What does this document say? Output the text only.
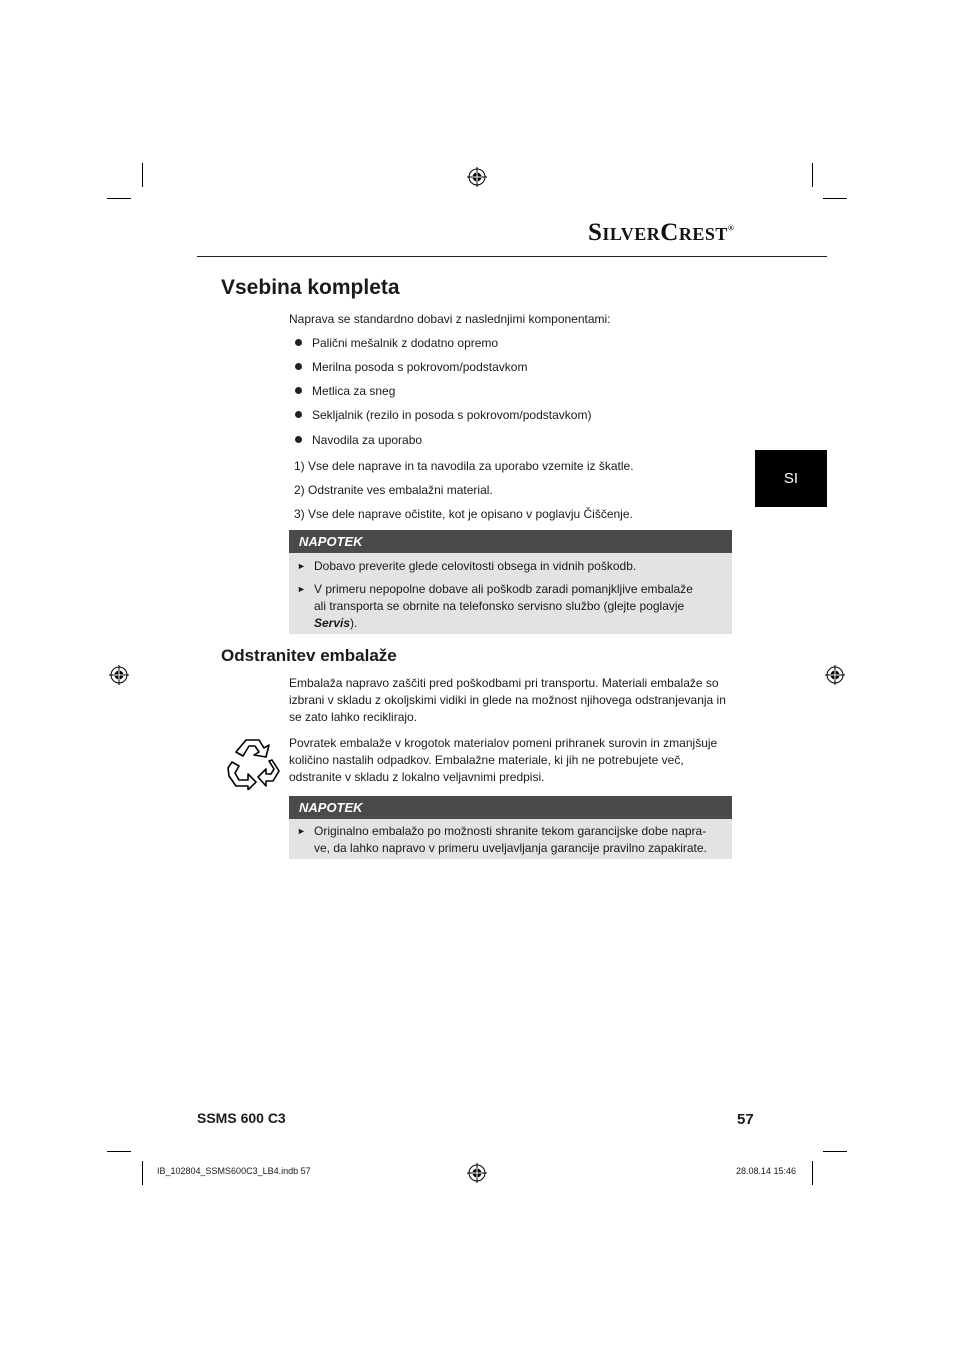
SilverCrest®
Vsebina kompleta
Naprava se standardno dobavi z naslednjimi komponentami:
Palični mešalnik z dodatno opremo
Merilna posoda s pokrovom/podstavkom
Metlica za sneg
Sekljalnik (rezilo in posoda s pokrovom/podstavkom)
Navodila za uporabo
1) Vse dele naprave in ta navodila za uporabo vzemite iz škatle.
2) Odstranite ves embalažni material.
3) Vse dele naprave očistite, kot je opisano v poglavju Čiščenje.
NAPOTEK
► Dobavo preverite glede celovitosti obsega in vidnih poškodb.
► V primeru nepopolne dobave ali poškodb zaradi pomanjkljive embalaže
ali transporta se obrnite na telefonsko servisno službo (glejte poglavje
Servis).
Odstranitev embalaže
Embalaža napravo zaščiti pred poškodbami pri transportu. Materiali embalaže so
izbrani v skladu z okoljskimi vidiki in glede na možnost njihovega odstranjevanja in
se zato lahko reciklirajo.
Povratek embalaže v krogotok materialov pomeni prihranek surovin in zmanjšuje
količino nastalih odpadkov. Embalažne materiale, ki jih ne potrebujete več,
odstranite v skladu z lokalno veljavnimi predpisi.
NAPOTEK
► Originalno embalažo po možnosti shranite tekom garancijske dobe napra-
ve, da lahko napravo v primeru uveljavljanja garancije pravilno zapakirate.
SI
SSMS 600 C3	57
IB_102804_SSMS600C3_LB4.indb 57	28.08.14 15:46
